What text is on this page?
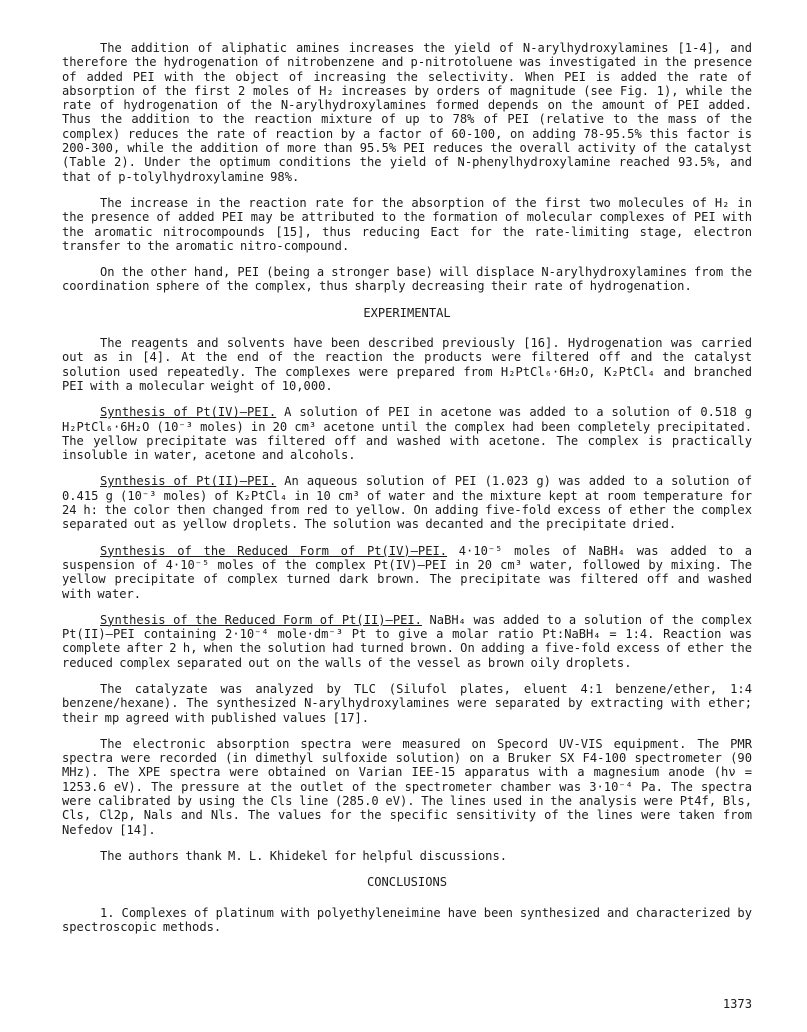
The addition of aliphatic amines increases the yield of N-arylhydroxylamines [1-4], and therefore the hydrogenation of nitrobenzene and p-nitrotoluene was investigated in the presence of added PEI with the object of increasing the selectivity. When PEI is added the rate of absorption of the first 2 moles of H₂ increases by orders of magnitude (see Fig. 1), while the rate of hydrogenation of the N-arylhydroxylamines formed depends on the amount of PEI added. Thus the addition to the reaction mixture of up to 78% of PEI (relative to the mass of the complex) reduces the rate of reaction by a factor of 60-100, on adding 78-95.5% this factor is 200-300, while the addition of more than 95.5% PEI reduces the overall activity of the catalyst (Table 2). Under the optimum conditions the yield of N-phenylhydroxylamine reached 93.5%, and that of p-tolylhydroxylamine 98%.

The increase in the reaction rate for the absorption of the first two molecules of H₂ in the presence of added PEI may be attributed to the formation of molecular complexes of PEI with the aromatic nitrocompounds [15], thus reducing Eact for the rate-limiting stage, electron transfer to the aromatic nitro-compound.

On the other hand, PEI (being a stronger base) will displace N-arylhydroxylamines from the coordination sphere of the complex, thus sharply decreasing their rate of hydrogenation.

EXPERIMENTAL

The reagents and solvents have been described previously [16]. Hydrogenation was carried out as in [4]. At the end of the reaction the products were filtered off and the catalyst solution used repeatedly. The complexes were prepared from H₂PtCl₆·6H₂O, K₂PtCl₄ and branched PEI with a molecular weight of 10,000.

Synthesis of Pt(IV)–PEI. A solution of PEI in acetone was added to a solution of 0.518 g H₂PtCl₆·6H₂O (10⁻³ moles) in 20 cm³ acetone until the complex had been completely precipitated. The yellow precipitate was filtered off and washed with acetone. The complex is practically insoluble in water, acetone and alcohols.

Synthesis of Pt(II)–PEI. An aqueous solution of PEI (1.023 g) was added to a solution of 0.415 g (10⁻³ moles) of K₂PtCl₄ in 10 cm³ of water and the mixture kept at room temperature for 24 h: the color then changed from red to yellow. On adding five-fold excess of ether the complex separated out as yellow droplets. The solution was decanted and the precipitate dried.

Synthesis of the Reduced Form of Pt(IV)–PEI. 4·10⁻⁵ moles of NaBH₄ was added to a suspension of 4·10⁻⁵ moles of the complex Pt(IV)–PEI in 20 cm³ water, followed by mixing. The yellow precipitate of complex turned dark brown. The precipitate was filtered off and washed with water.

Synthesis of the Reduced Form of Pt(II)–PEI. NaBH₄ was added to a solution of the complex Pt(II)–PEI containing 2·10⁻⁴ mole·dm⁻³ Pt to give a molar ratio Pt:NaBH₄ = 1:4. Reaction was complete after 2 h, when the solution had turned brown. On adding a five-fold excess of ether the reduced complex separated out on the walls of the vessel as brown oily droplets.

The catalyzate was analyzed by TLC (Silufol plates, eluent 4:1 benzene/ether, 1:4 benzene/hexane). The synthesized N-arylhydroxylamines were separated by extracting with ether; their mp agreed with published values [17].

The electronic absorption spectra were measured on Specord UV-VIS equipment. The PMR spectra were recorded (in dimethyl sulfoxide solution) on a Bruker SX F4-100 spectrometer (90 MHz). The XPE spectra were obtained on Varian IEE-15 apparatus with a magnesium anode (hν = 1253.6 eV). The pressure at the outlet of the spectrometer chamber was 3·10⁻⁴ Pa. The spectra were calibrated by using the Cls line (285.0 eV). The lines used in the analysis were Pt4f, Bls, Cls, Cl2p, Nals and Nls. The values for the specific sensitivity of the lines were taken from Nefedov [14].

The authors thank M. L. Khidekel for helpful discussions.

CONCLUSIONS

1. Complexes of platinum with polyethyleneimine have been synthesized and characterized by spectroscopic methods.

1373
